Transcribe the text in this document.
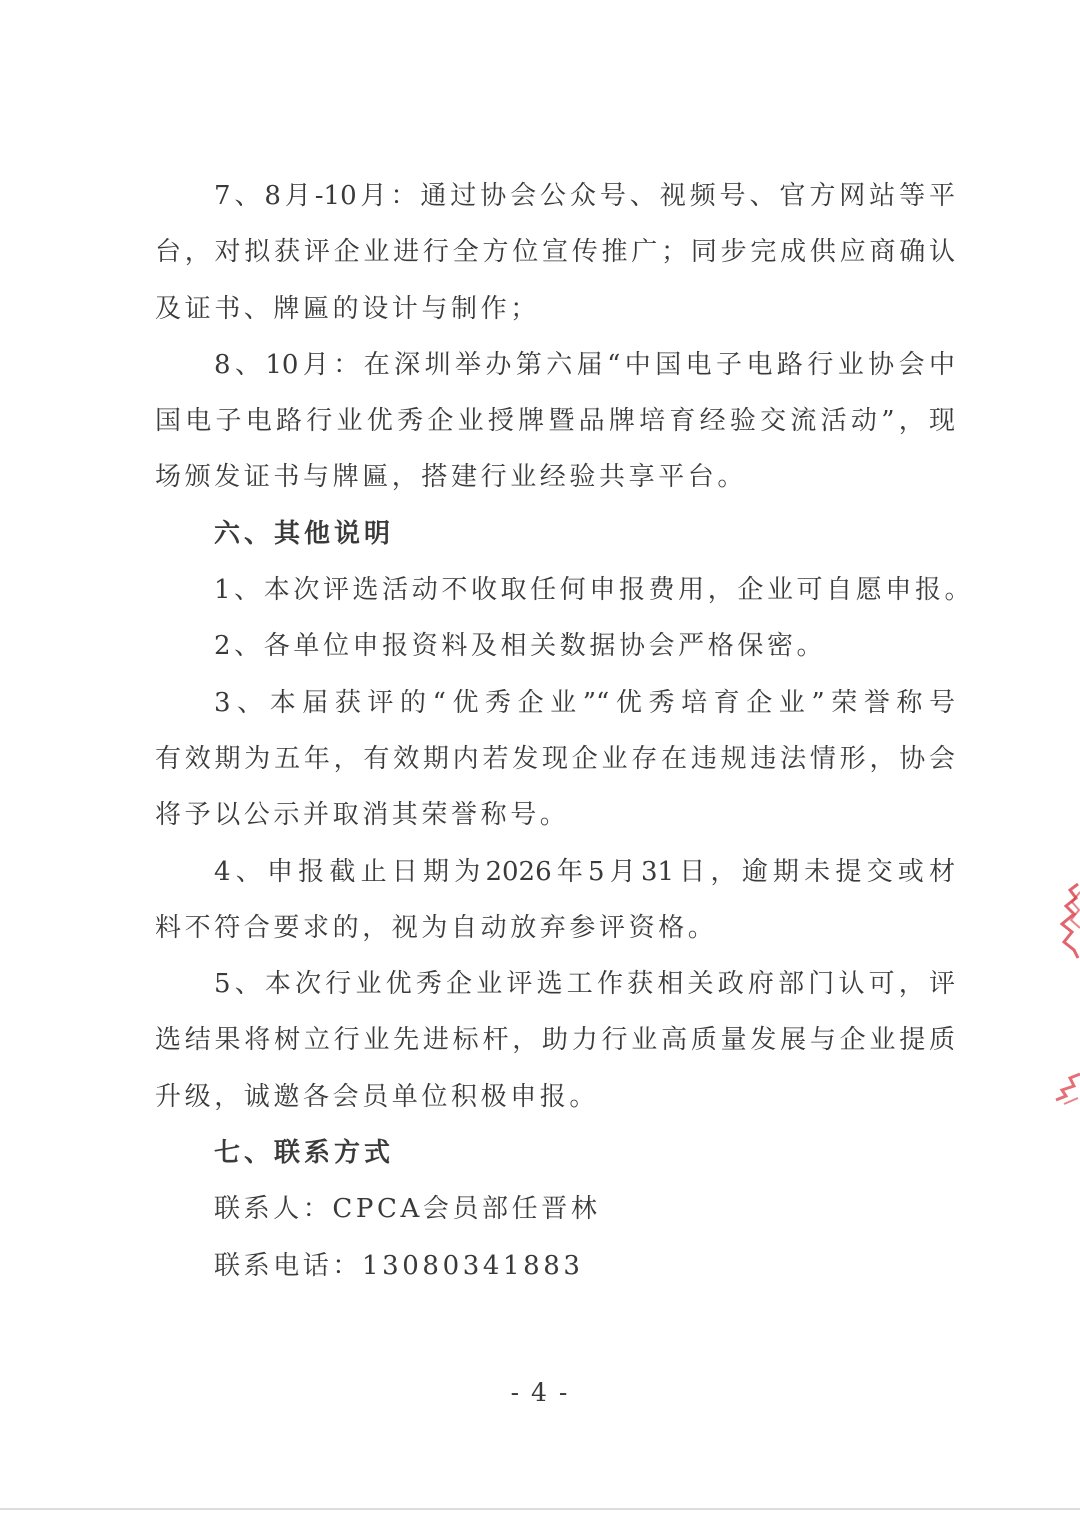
7、8月-10月：通过协会公众号、视频号、官方网站等平
台，对拟获评企业进行全方位宣传推广；同步完成供应商确认
及证书、牌匾的设计与制作；
8、10月：在深圳举办第六届“中国电子电路行业协会中
国电子电路行业优秀企业授牌暨品牌培育经验交流活动”，现
场颁发证书与牌匾，搭建行业经验共享平台。
六、其他说明
1、本次评选活动不收取任何申报费用，企业可自愿申报。
2、各单位申报资料及相关数据协会严格保密。
3、本届获评的“优秀企业”“优秀培育企业”荣誉称号
有效期为五年，有效期内若发现企业存在违规违法情形，协会
将予以公示并取消其荣誉称号。
4、申报截止日期为2026年5月31日，逾期未提交或材
料不符合要求的，视为自动放弃参评资格。
5、本次行业优秀企业评选工作获相关政府部门认可，评
选结果将树立行业先进标杆，助力行业高质量发展与企业提质
升级，诚邀各会员单位积极申报。
七、联系方式
联系人：CPCA会员部任晋林
联系电话：13080341883
- 4 -
